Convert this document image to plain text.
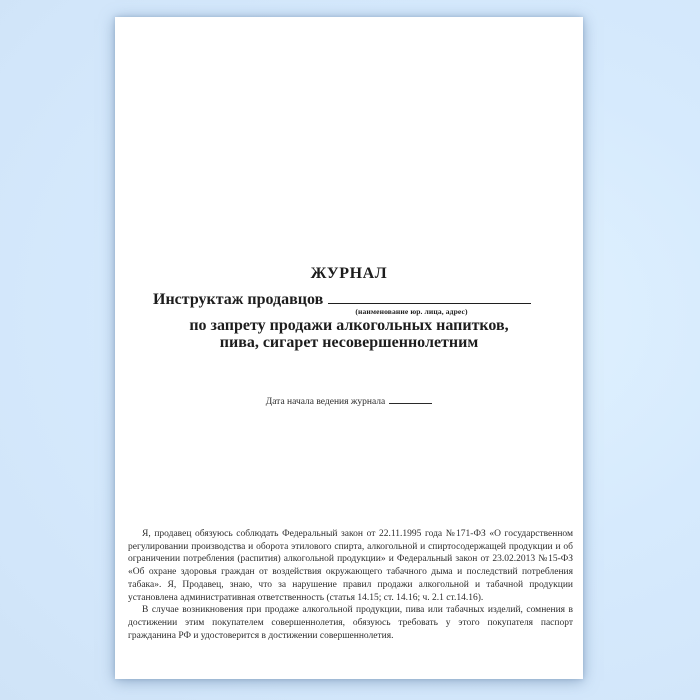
ЖУРНАЛ
Инструктаж продавцов
(наименование юр. лица, адрес)
по запрету продажи алкогольных напитков,
пива, сигарет несовершеннолетним
Дата начала ведения журнала

Я, продавец обязуюсь соблюдать Федеральный закон от 22.11.1995 года №171-ФЗ «О государственном регулировании производства и оборота этилового спирта, алкогольной и спиртосодержащей продукции и об ограничении потребления (распития) алкогольной продукции» и Федеральный закон от 23.02.2013 №15-ФЗ «Об охране здоровья граждан от воздействия окружающего табачного дыма и последствий потребления табака». Я, Продавец, знаю, что за нарушение правил продажи алкогольной и табачной продукции установлена административная ответственность (статья 14.15; ст. 14.16; ч. 2.1 ст.14.16).

В случае возникновения при продаже алкогольной продукции, пива или табачных изделий, сомнения в достижении этим покупателем совершеннолетия, обязуюсь требовать у этого покупателя паспорт гражданина РФ и удостоверится в достижении совершеннолетия.
